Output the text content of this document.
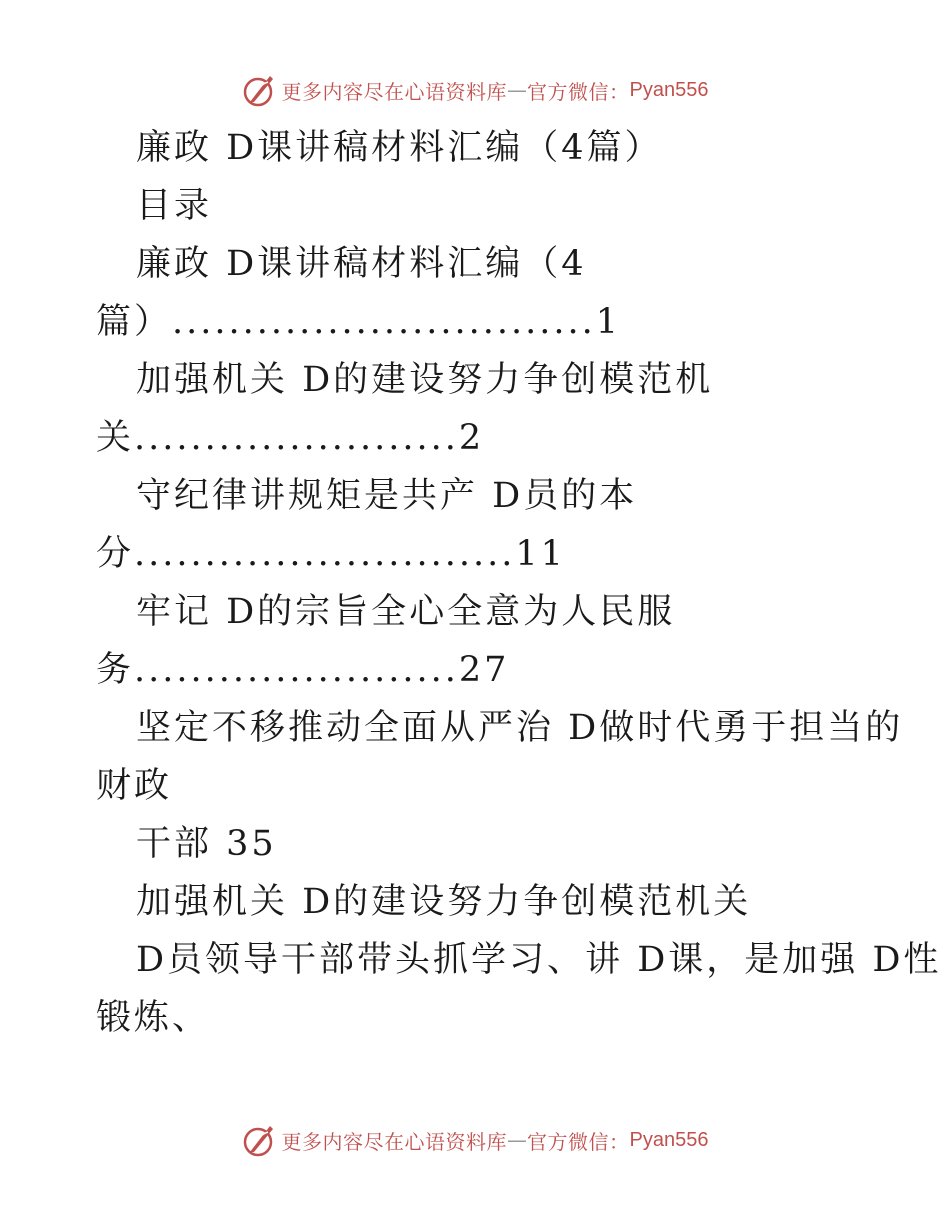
更多内容尽在心语资料库 — 官方微信： Pyan556
廉政 D课讲稿材料汇编（4篇）
目录
廉政 D课讲稿材料汇编（4
篇）..............................1
加强机关 D的建设努力争创模范机
关.......................2
守纪律讲规矩是共产 D员的本
分...........................11
牢记 D的宗旨全心全意为人民服
务.......................27
坚定不移推动全面从严治 D做时代勇于担当的
财政
干部 35
加强机关 D的建设努力争创模范机关
D员领导干部带头抓学习、讲 D课，是加强 D性
锻炼、
更多内容尽在心语资料库 — 官方微信： Pyan556
